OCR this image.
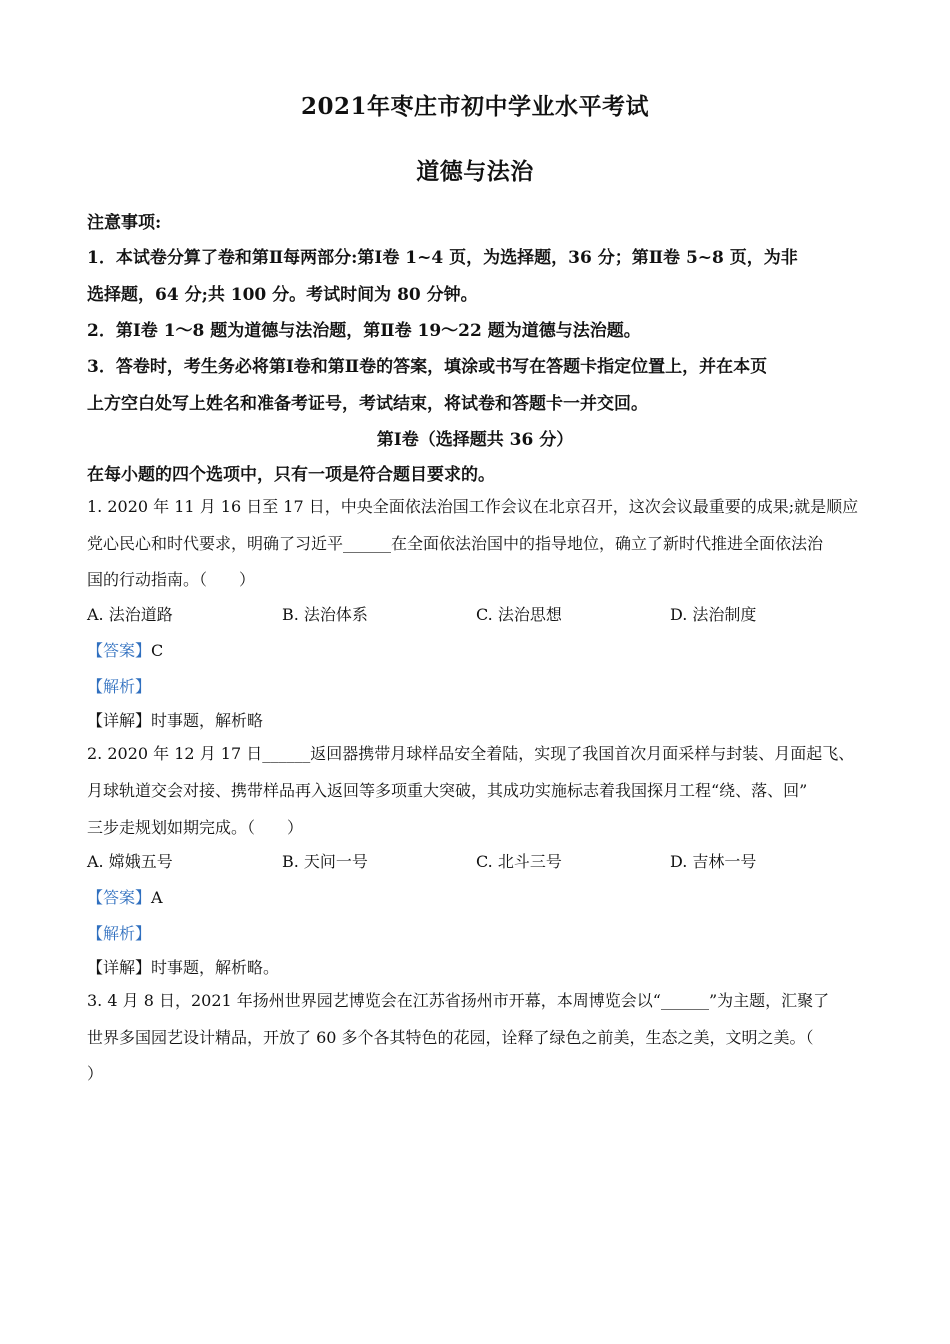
2021年枣庄市初中学业水平考试
道德与法治
注意事项:
1．本试卷分算了卷和第Ⅱ每两部分:第Ⅰ卷 1~4 页，为选择题，36 分；第Ⅱ卷 5~8 页，为非
选择题，64 分;共 100 分。考试时间为 80 分钟。
2．第Ⅰ卷 1～8 题为道德与法治题，第Ⅱ卷 19～22 题为道德与法治题。
3．答卷时，考生务必将第Ⅰ卷和第Ⅱ卷的答案，填涂或书写在答题卡指定位置上，并在本页
上方空白处写上姓名和准备考证号，考试结束，将试卷和答题卡一并交回。
第Ⅰ卷（选择题共 36 分）
在每小题的四个选项中，只有一项是符合题目要求的。
1. 2020 年 11 月 16 日至 17 日，中央全面依法治国工作会议在北京召开，这次会议最重要的成果;就是顺应
党心民心和时代要求，明确了习近平______在全面依法治国中的指导地位，确立了新时代推进全面依法治
国的行动指南。（　　）
A. 法治道路	B. 法治体系	C. 法治思想	D. 法治制度
【答案】C
【解析】
【详解】时事题，解析略
2. 2020 年 12 月 17 日______返回器携带月球样品安全着陆，实现了我国首次月面采样与封装、月面起飞、
月球轨道交会对接、携带样品再入返回等多项重大突破，其成功实施标志着我国探月工程“绕、落、回”
三步走规划如期完成。（　　）
A. 嫦娥五号	B. 天问一号	C. 北斗三号	D. 吉林一号
【答案】A
【解析】
【详解】时事题，解析略。
3. 4 月 8 日，2021 年扬州世界园艺博览会在江苏省扬州市开幕，本周博览会以“______”为主题，汇聚了
世界多国园艺设计精品，开放了 60 多个各其特色的花园，诠释了绿色之前美，生态之美，文明之美。（
）
